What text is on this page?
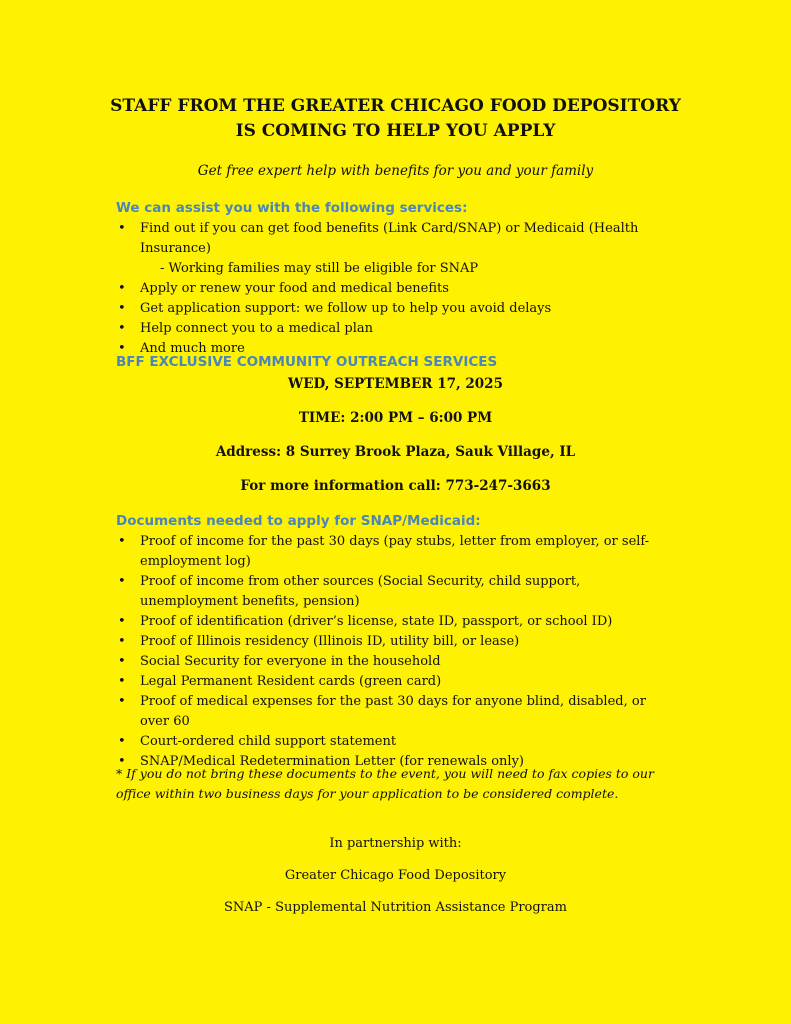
STAFF FROM THE GREATER CHICAGO FOOD DEPOSITORY
IS COMING TO HELP YOU APPLY
Get free expert help with benefits for you and your family
We can assist you with the following services:
• Find out if you can get food benefits (Link Card/SNAP) or Medicaid (Health Insurance)
- Working families may still be eligible for SNAP
• Apply or renew your food and medical benefits
• Get application support: we follow up to help you avoid delays
• Help connect you to a medical plan
• And much more
BFF EXCLUSIVE COMMUNITY OUTREACH SERVICES
WED, SEPTEMBER 17, 2025
TIME: 2:00 PM – 6:00 PM
Address: 8 Surrey Brook Plaza, Sauk Village, IL
For more information call: 773-247-3663
Documents needed to apply for SNAP/Medicaid:
• Proof of income for the past 30 days (pay stubs, letter from employer, or self-employment log)
• Proof of income from other sources (Social Security, child support, unemployment benefits, pension)
• Proof of identification (driver’s license, state ID, passport, or school ID)
• Proof of Illinois residency (Illinois ID, utility bill, or lease)
• Social Security for everyone in the household
• Legal Permanent Resident cards (green card)
• Proof of medical expenses for the past 30 days for anyone blind, disabled, or over 60
• Court-ordered child support statement
• SNAP/Medical Redetermination Letter (for renewals only)
* If you do not bring these documents to the event, you will need to fax copies to our office within two business days for your application to be considered complete.
In partnership with:
Greater Chicago Food Depository
SNAP - Supplemental Nutrition Assistance Program
